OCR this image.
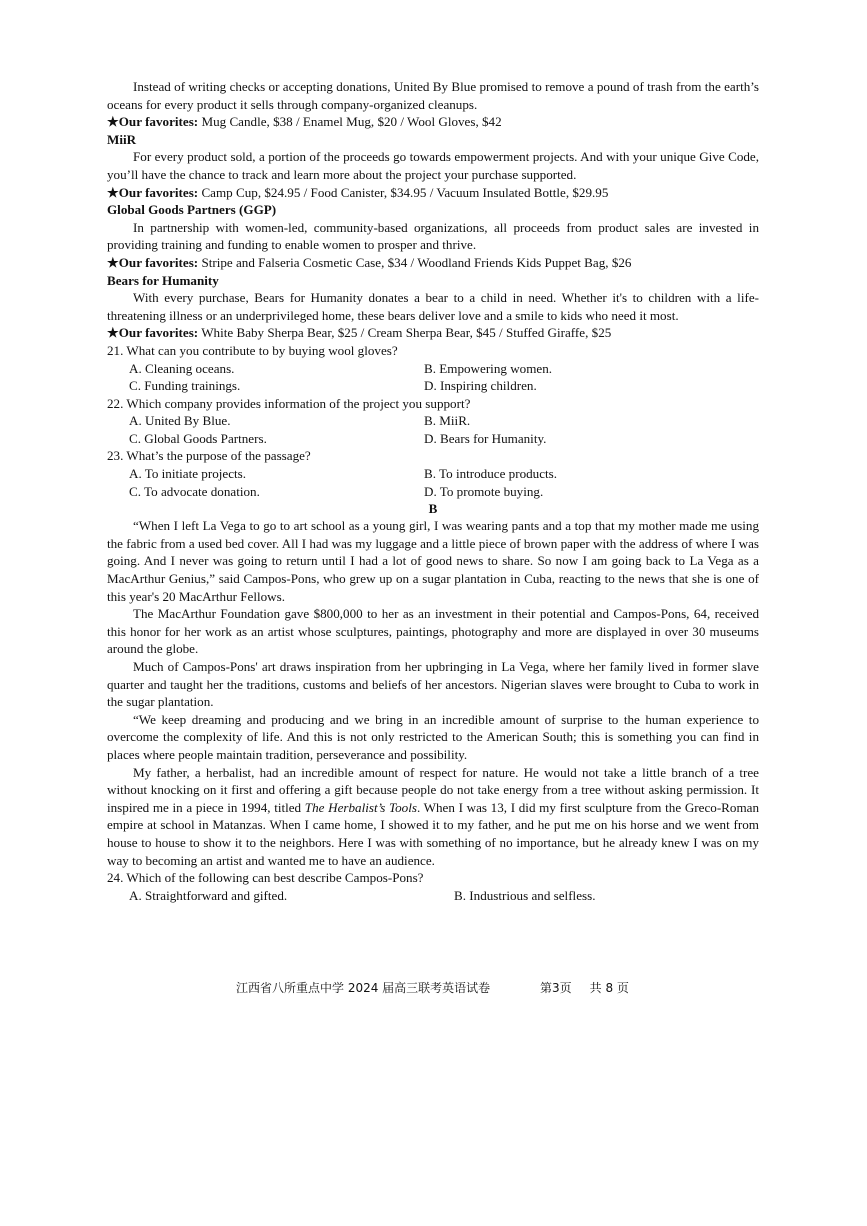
Instead of writing checks or accepting donations, United By Blue promised to remove a pound of trash from the earth’s oceans for every product it sells through company-organized cleanups.

★Our favorites: Mug Candle, $38 / Enamel Mug, $20 / Wool Gloves, $42

MiiR

For every product sold, a portion of the proceeds go towards empowerment projects. And with your unique Give Code, you’ll have the chance to track and learn more about the project your purchase supported.

★Our favorites: Camp Cup, $24.95 / Food Canister, $34.95 / Vacuum Insulated Bottle, $29.95

Global Goods Partners (GGP)

In partnership with women-led, community-based organizations, all proceeds from product sales are invested in providing training and funding to enable women to prosper and thrive.

★Our favorites: Stripe and Falseria Cosmetic Case, $34 / Woodland Friends Kids Puppet Bag, $26

Bears for Humanity

With every purchase, Bears for Humanity donates a bear to a child in need. Whether it's to children with a life-threatening illness or an underprivileged home, these bears deliver love and a smile to kids who need it most.

★Our favorites: White Baby Sherpa Bear, $25 / Cream Sherpa Bear, $45 / Stuffed Giraffe, $25

21. What can you contribute to by buying wool gloves?

A. Cleaning oceans.	B. Empowering women.
C. Funding trainings.	D. Inspiring children.

22. Which company provides information of the project you support?

A. United By Blue.	B. MiiR.
C. Global Goods Partners.	D. Bears for Humanity.

23. What’s the purpose of the passage?

A. To initiate projects.	B. To introduce products.
C. To advocate donation.	D. To promote buying.
B

“When I left La Vega to go to art school as a young girl, I was wearing pants and a top that my mother made me using the fabric from a used bed cover. All I had was my luggage and a little piece of brown paper with the address of where I was going. And I never was going to return until I had a lot of good news to share. So now I am going back to La Vega as a MacArthur Genius,” said Campos-Pons, who grew up on a sugar plantation in Cuba, reacting to the news that she is one of this year's 20 MacArthur Fellows.

The MacArthur Foundation gave $800,000 to her as an investment in their potential and Campos-Pons, 64, received this honor for her work as an artist whose sculptures, paintings, photography and more are displayed in over 30 museums around the globe.

Much of Campos-Pons' art draws inspiration from her upbringing in La Vega, where her family lived in former slave quarter and taught her the traditions, customs and beliefs of her ancestors. Nigerian slaves were brought to Cuba to work in the sugar plantation.

“We keep dreaming and producing and we bring in an incredible amount of surprise to the human experience to overcome the complexity of life. And this is not only restricted to the American South; this is something you can find in places where people maintain tradition, perseverance and possibility.

My father, a herbalist, had an incredible amount of respect for nature. He would not take a little branch of a tree without knocking on it first and offering a gift because people do not take energy from a tree without asking permission. It inspired me in a piece in 1994, titled The Herbalist’s Tools. When I was 13, I did my first sculpture from the Greco-Roman empire at school in Matanzas. When I came home, I showed it to my father, and he put me on his horse and we went from house to house to show it to the neighbors. Here I was with something of no importance, but he already knew I was on my way to becoming an artist and wanted me to have an audience.

24. Which of the following can best describe Campos-Pons?

A. Straightforward and gifted.	B. Industrious and selfless.
江西省八所重点中学 2024 届高三联考英语试卷	第3页 共 8 页
